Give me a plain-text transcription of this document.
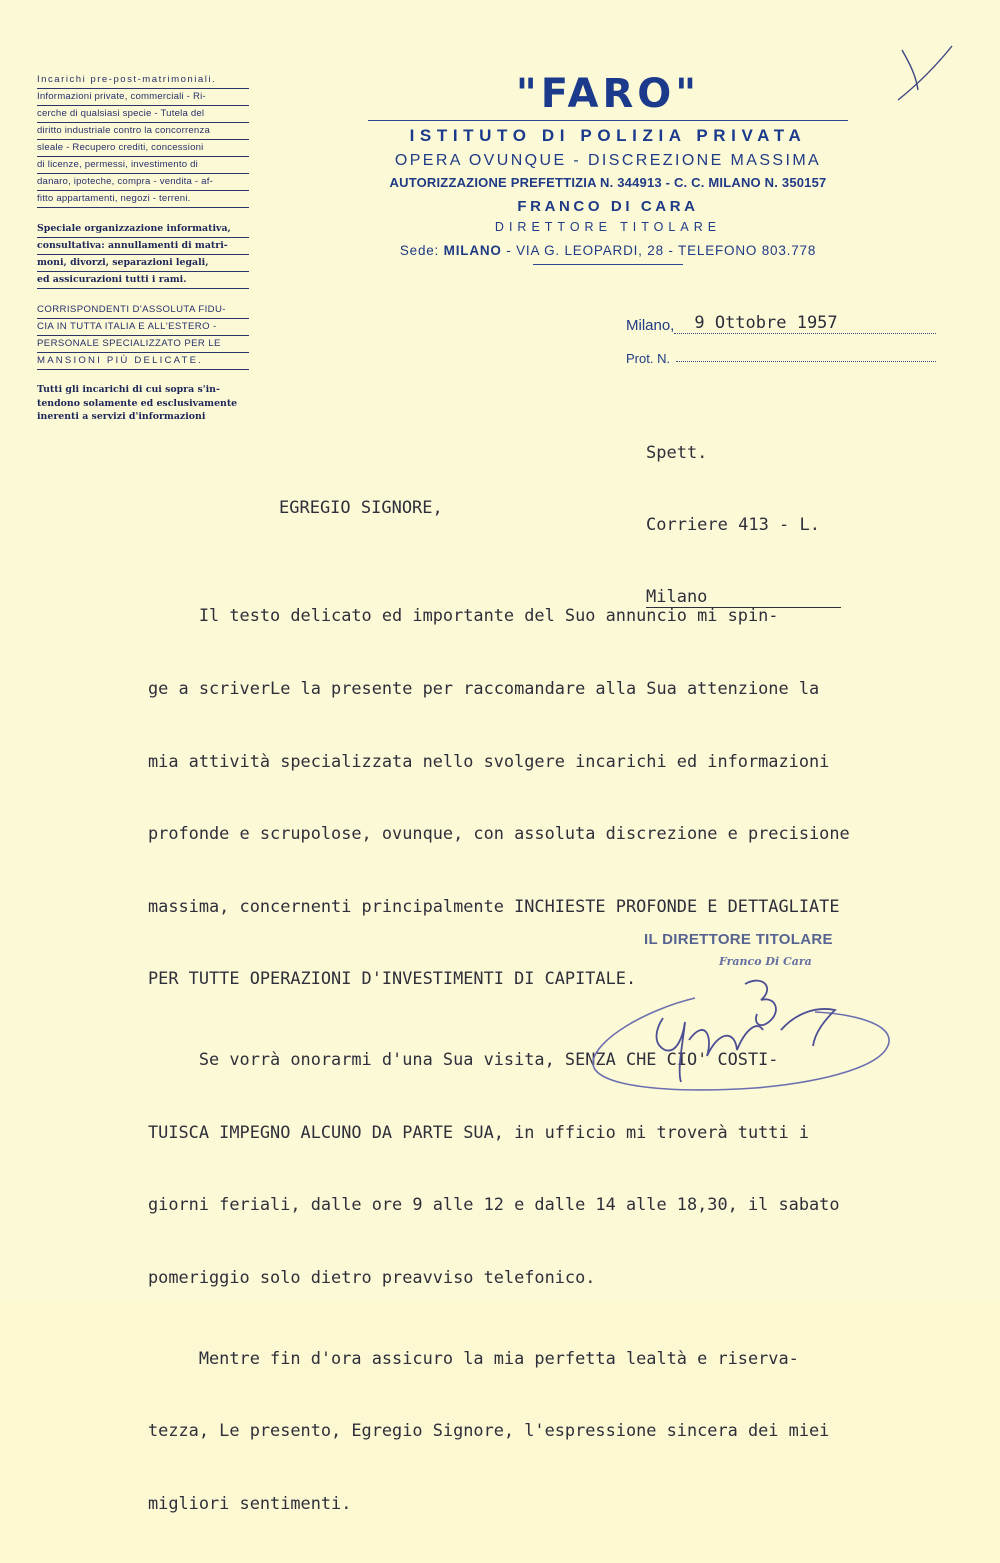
Incarichi pre-post-matrimoniali.
Informazioni private, commerciali - Ri-
cerche di qualsiasi specie - Tutela del
diritto industriale contro la concorrenza
sleale - Recupero crediti, concessioni
di licenze, permessi, investimento di
danaro, ipoteche, compra - vendita - af-
fitto appartamenti, negozi - terreni.
Speciale organizzazione informativa,
consultativa: annullamenti di matri-
moni, divorzi, separazioni legali,
ed assicurazioni tutti i rami.
CORRISPONDENTI D'ASSOLUTA FIDU-
CIA IN TUTTA ITALIA E ALL'ESTERO -
PERSONALE SPECIALIZZATO PER LE
MANSIONI PIÙ DELICATE.
Tutti gli incarichi di cui sopra s'in-
tendono solamente ed esclusivamente
inerenti a servizi d'informazioni
"FARO"
ISTITUTO DI POLIZIA PRIVATA
OPERA OVUNQUE - DISCREZIONE MASSIMA
AUTORIZZAZIONE PREFETTIZIA N. 344913 - C. C. MILANO N. 350157
FRANCO DI CARA
DIRETTORE TITOLARE
Sede: MILANO - VIA G. LEOPARDI, 28 - TELEFONO 803.778
Milano,	9 Ottobre 1957
Prot. N.

Spett.

Corriere 413 - L.

Milano

EGREGIO SIGNORE,

Il testo delicato ed importante del Suo annuncio mi spin-

ge a scriverLe la presente per raccomandare alla Sua attenzione la

mia attività specializzata nello svolgere incarichi ed informazioni

profonde e scrupolose, ovunque, con assoluta discrezione e precisione

massima, concernenti principalmente INCHIESTE PROFONDE E DETTAGLIATE

PER TUTTE OPERAZIONI D'INVESTIMENTI DI CAPITALE.

Se vorrà onorarmi d'una Sua visita, SENZA CHE CIO' COSTI-

TUISCA IMPEGNO ALCUNO DA PARTE SUA, in ufficio mi troverà tutti i

giorni feriali, dalle ore 9 alle 12 e dalle 14 alle 18,30, il sabato

pomeriggio solo dietro preavviso telefonico.

Mentre fin d'ora assicuro la mia perfetta lealtà e riserva-

tezza, Le presento, Egregio Signore, l'espressione sincera dei miei

migliori sentimenti.

IL DIRETTORE TITOLARE
Franco Di Cara
